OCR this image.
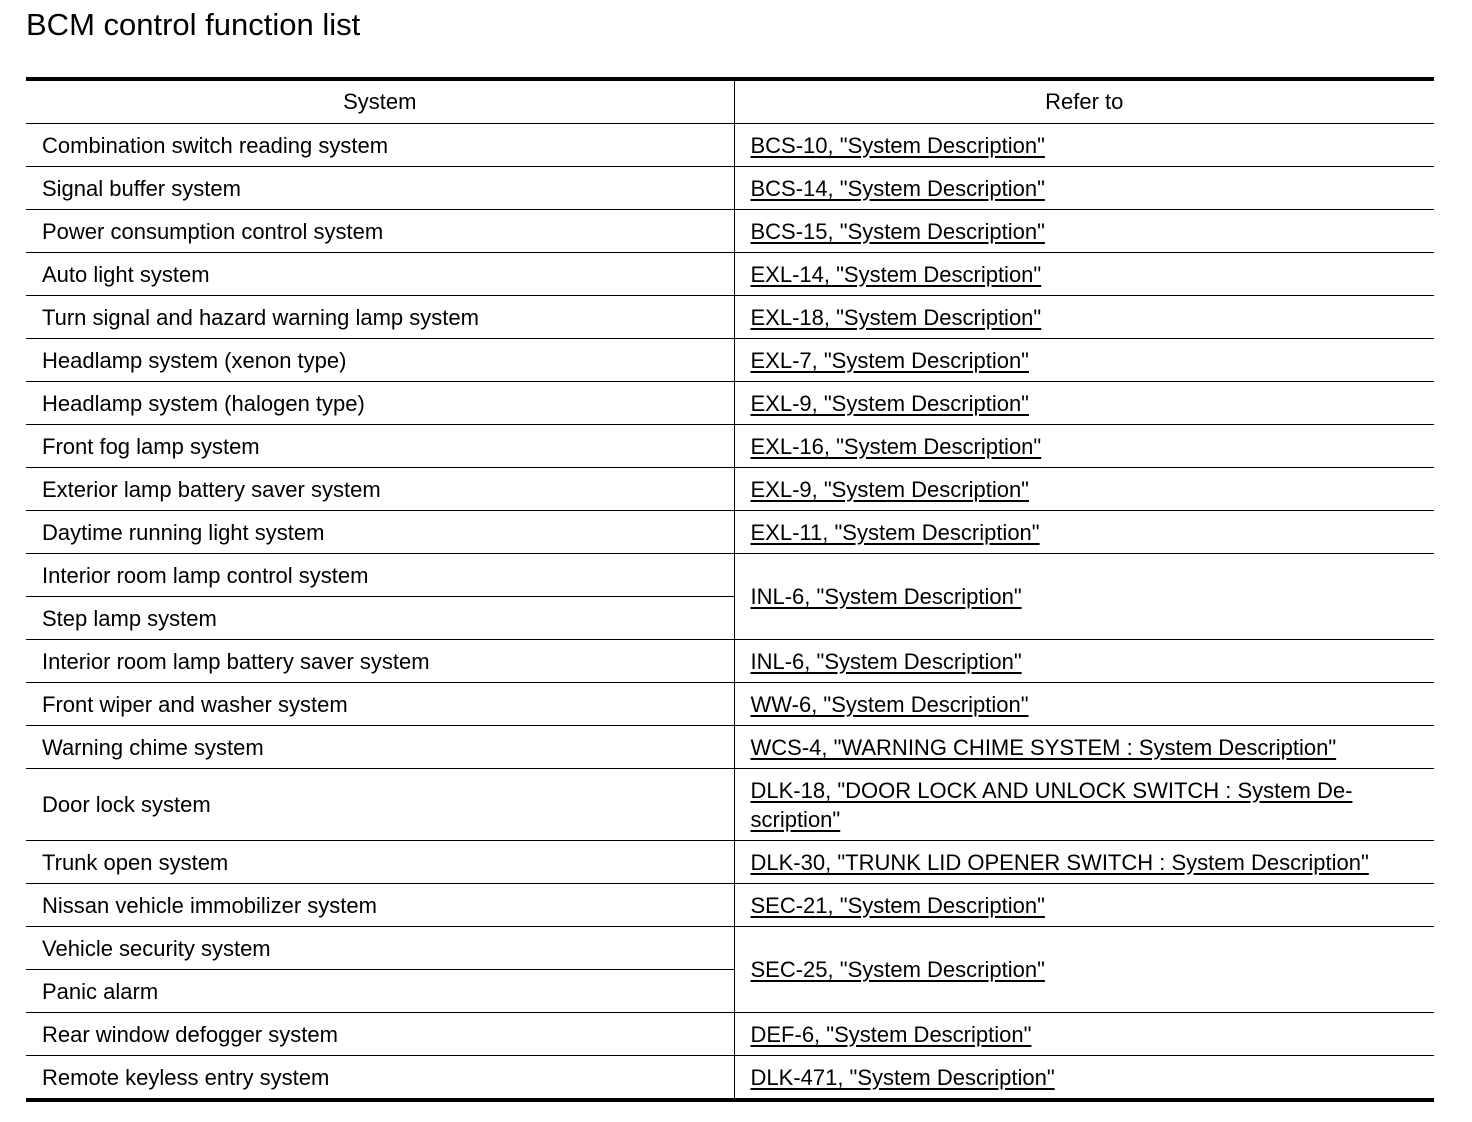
BCM control function list
System	Refer to
Combination switch reading system	BCS-10, "System Description"
Signal buffer system	BCS-14, "System Description"
Power consumption control system	BCS-15, "System Description"
Auto light system	EXL-14, "System Description"
Turn signal and hazard warning lamp system	EXL-18, "System Description"
Headlamp system (xenon type)	EXL-7, "System Description"
Headlamp system (halogen type)	EXL-9, "System Description"
Front fog lamp system	EXL-16, "System Description"
Exterior lamp battery saver system	EXL-9, "System Description"
Daytime running light system	EXL-11, "System Description"
Interior room lamp control system	INL-6, "System Description"
Step lamp system	
Interior room lamp battery saver system	INL-6, "System Description"
Front wiper and washer system	WW-6, "System Description"
Warning chime system	WCS-4, "WARNING CHIME SYSTEM : System Description"
Door lock system	DLK-18, "DOOR LOCK AND UNLOCK SWITCH : System De-scription"
Trunk open system	DLK-30, "TRUNK LID OPENER SWITCH : System Description"
Nissan vehicle immobilizer system	SEC-21, "System Description"
Vehicle security system	SEC-25, "System Description"
Panic alarm	
Rear window defogger system	DEF-6, "System Description"
Remote keyless entry system	DLK-471, "System Description"
